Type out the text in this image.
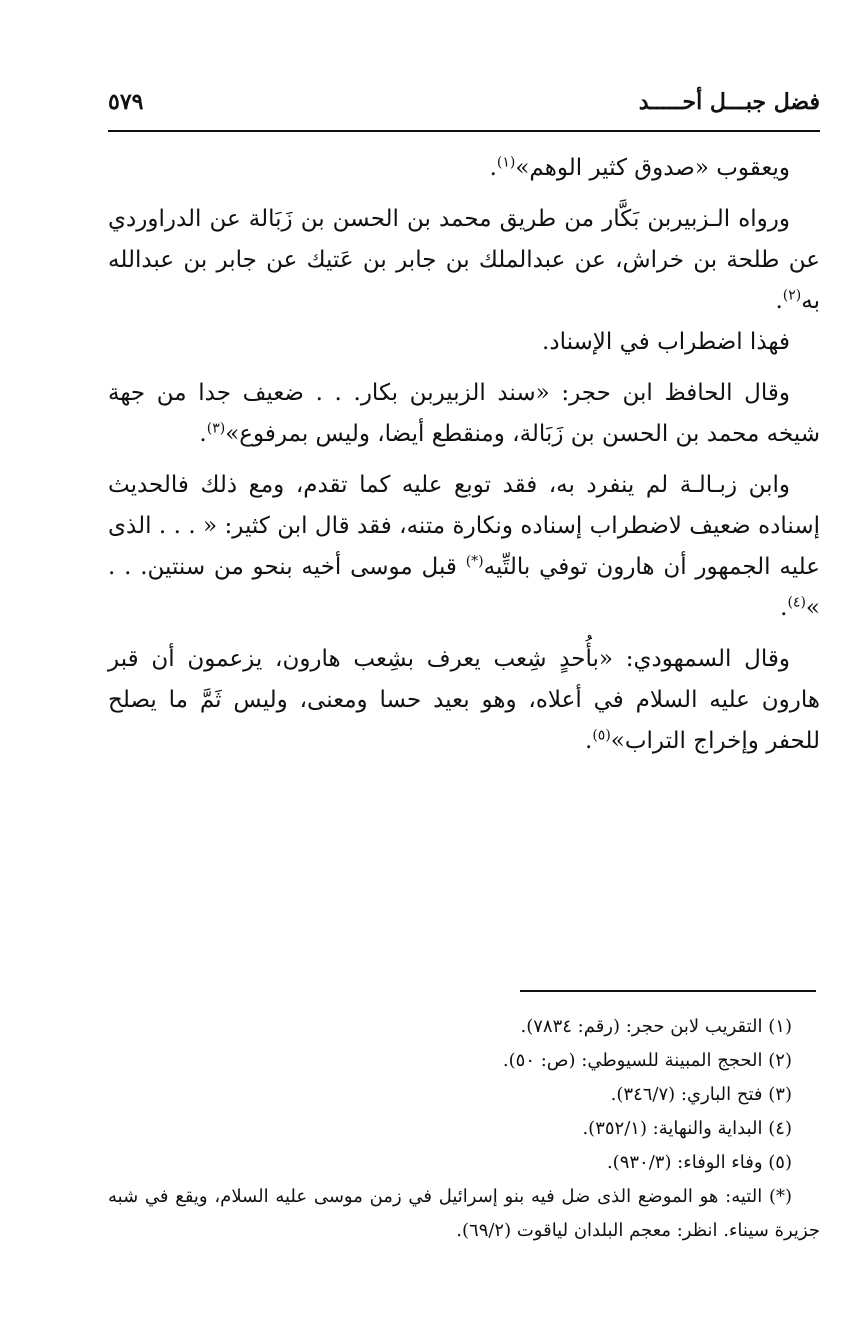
فضل جبـــل أحـــــد
٥٧٩

ويعقوب «صدوق كثير الوهم»$^{(١)}$.

ورواه الـزبيربن بَكَّار من طريق محمد بن الحسن بن زَبَالة عن الدراوردي عن طلحة بن خراش، عن عبدالملك بن جابر بن عَتيك عن جابر بن عبدالله به$^{(٢)}$.

فهذا اضطراب في الإسناد.

وقال الحافظ ابن حجر: «سند الزبيربن بكار. . . ضعيف جدا من جهة شيخه محمد بن الحسن بن زَبَالة، ومنقطع أيضا، وليس بمرفوع»$^{(٣)}$.

وابن زبـالـة لم ينفرد به، فقد توبع عليه كما تقدم، ومع ذلك فالحديث إسناده ضعيف لاضطراب إسناده ونكارة متنه، فقد قال ابن كثير: « . . . الذى عليه الجمهور أن هارون توفي بالتِّيه(*) قبل موسى أخيه بنحو من سنتين. . . »$^{(٤)}$.

وقال السمهودي: «بأُحدٍ شِعب يعرف بشِعب هارون، يزعمون أن قبر هارون عليه السلام في أعلاه، وهو بعيد حسا ومعنى، وليس ثَمَّ ما يصلح للحفر وإخراج التراب»$^{(٥)}$.

(١) التقريب لابن حجر: (رقم: ٧٨٣٤).
(٢) الحجج المبينة للسيوطي: (ص: ٥٠).
(٣) فتح الباري: (٣٤٦/٧).
(٤) البداية والنهاية: (٣٥٢/١).
(٥) وفاء الوفاء: (٩٣٠/٣).
(*) التيه: هو الموضع الذى ضل فيه بنو إسرائيل في زمن موسى عليه السلام، ويقع في شبه جزيرة سيناء. انظر: معجم البلدان لياقوت (٦٩/٢).
